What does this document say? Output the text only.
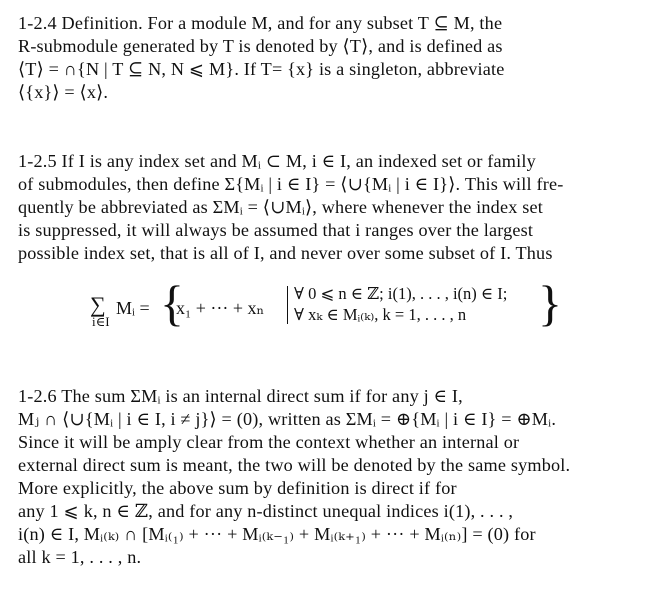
1-2.4 Definition. For a module M, and for any subset T ⊆ M, the
R-submodule generated by T is denoted by ⟨T⟩, and is defined as
⟨T⟩ = ∩{N | T ⊆ N, N ⩽ M}. If T= {x} is a singleton, abbreviate
⟨{x}⟩ = ⟨x⟩.
1-2.5 If I is any index set and Mᵢ ⊂ M, i ∈ I, an indexed set or family
of submodules, then define Σ{Mᵢ | i ∈ I} = ⟨∪{Mᵢ | i ∈ I}⟩. This will fre-
quently be abbreviated as ΣMᵢ = ⟨∪Mᵢ⟩, where whenever the index set
is suppressed, it will always be assumed that i ranges over the largest
possible index set, that is all of I, and never over some subset of I. Thus
∑
i∈I
Mᵢ = {
x₁ + ··· + xₙ
∀ 0 ⩽ n ∈ ℤ; i(1), . . . , i(n) ∈ I;
∀ xₖ ∈ Mᵢ₍ₖ₎, k = 1, . . . , n }
1-2.6 The sum ΣMᵢ is an internal direct sum if for any j ∈ I,
Mⱼ ∩ ⟨∪{Mᵢ | i ∈ I, i ≠ j}⟩ = (0), written as ΣMᵢ = ⊕{Mᵢ | i ∈ I} = ⊕Mᵢ.
Since it will be amply clear from the context whether an internal or
external direct sum is meant, the two will be denoted by the same symbol.
More explicitly, the above sum by definition is direct if for
any 1 ⩽ k, n ∈ ℤ, and for any n-distinct unequal indices i(1), . . . ,
i(n) ∈ I, Mᵢ₍ₖ₎ ∩ [Mᵢ₍₁₎ + ··· + Mᵢ₍ₖ₋₁₎ + Mᵢ₍ₖ₊₁₎ + ··· + Mᵢ₍ₙ₎] = (0) for
all k = 1, . . . , n.
